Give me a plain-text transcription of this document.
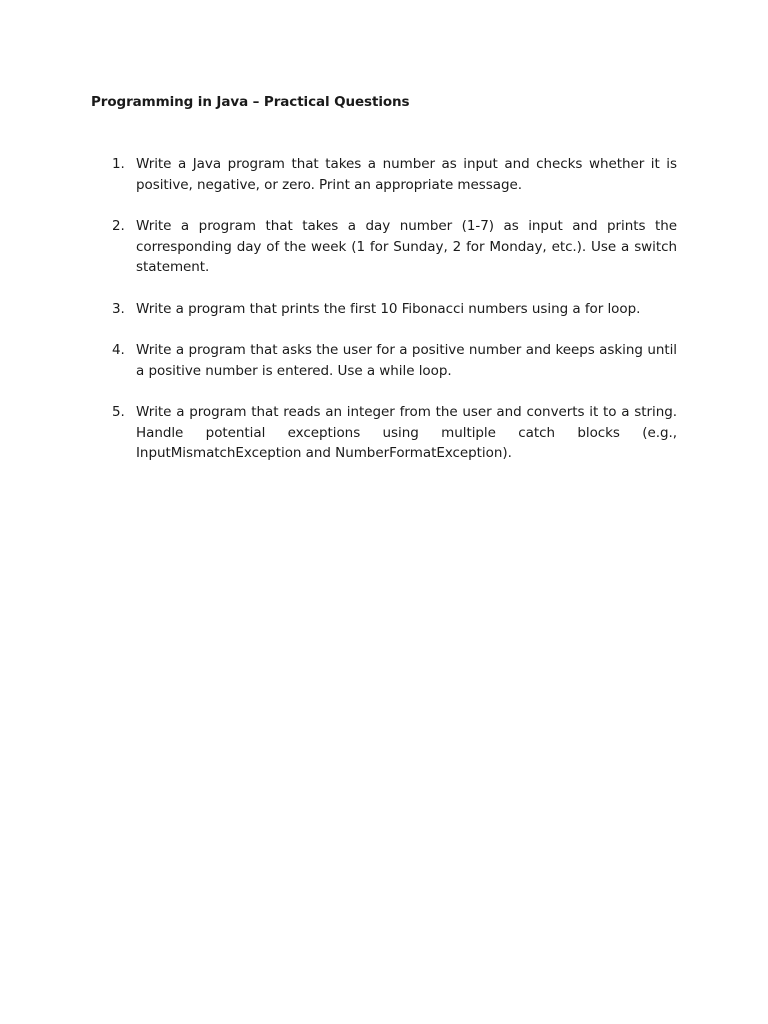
Programming in Java – Practical Questions
1. Write a Java program that takes a number as input and checks whether it is positive, negative, or zero. Print an appropriate message.
2. Write a program that takes a day number (1-7) as input and prints the corresponding day of the week (1 for Sunday, 2 for Monday, etc.). Use a switch statement.
3. Write a program that prints the first 10 Fibonacci numbers using a for loop.
4. Write a program that asks the user for a positive number and keeps asking until a positive number is entered. Use a while loop.
5. Write a program that reads an integer from the user and converts it to a string. Handle potential exceptions using multiple catch blocks (e.g., InputMismatchException and NumberFormatException).
